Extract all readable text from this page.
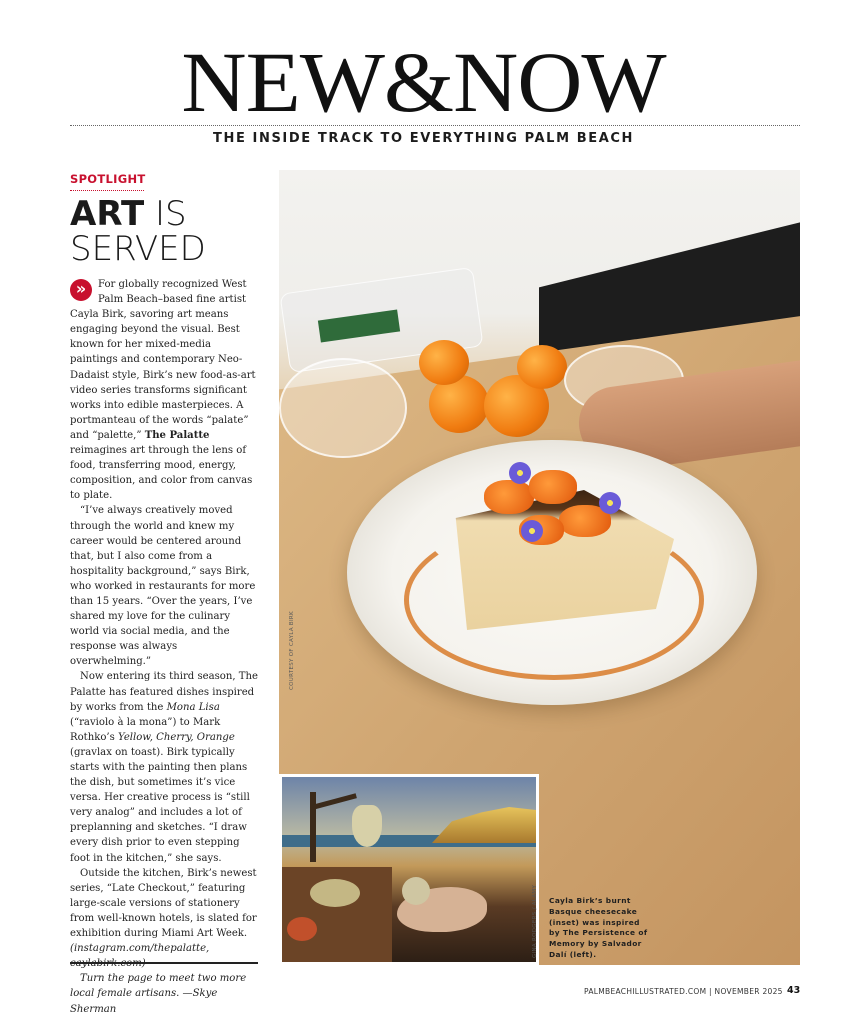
NEW&NOW
THE INSIDE TRACK TO EVERYTHING PALM BEACH
SPOTLIGHT
ART IS
SERVED

»
For globally recognized West Palm Beach–based fine artist Cayla Birk, savoring art means engaging beyond the visual. Best known for her mixed-media paintings and contemporary Neo-Dadaist style, Birk’s new food-as-art video series transforms significant works into edible masterpieces. A portmanteau of the words “palate” and “palette,” The Palatte reimagines art through the lens of food, transferring mood, energy, composition, and color from canvas to plate.

“I’ve always creatively moved through the world and knew my career would be centered around that, but I also come from a hospitality background,” says Birk, who worked in restaurants for more than 15 years. “Over the years, I’ve shared my love for the culinary world via social media, and the response was always overwhelming.”

Now entering its third season, The Palatte has featured dishes inspired by works from the Mona Lisa (“raviolo à la mona”) to Mark Rothko’s Yellow, Cherry, Orange (gravlax on toast). Birk typically starts with the painting then plans the dish, but sometimes it’s vice versa. Her creative process is “still very analog” and includes a lot of preplanning and sketches. “I draw every dish prior to even stepping foot in the kitchen,” she says.

Outside the kitchen, Birk’s newest series, “Late Checkout,” featuring large-scale versions of stationery from well-known hotels, is slated for exhibition during Miami Art Week. (instagram.com/thepalatte, caylabirk.com)

Turn the page to meet two more local female artisans. —Skye Sherman

COURTESY OF CAYLA BIRK
GINA RODGERS / ALAMY Cayla Birk’s burnt Basque cheesecake (inset) was inspired by The Persistence of Memory by Salvador Dalí (left).
PALMBEACHILLUSTRATED.COM | NOVEMBER 2025 43
